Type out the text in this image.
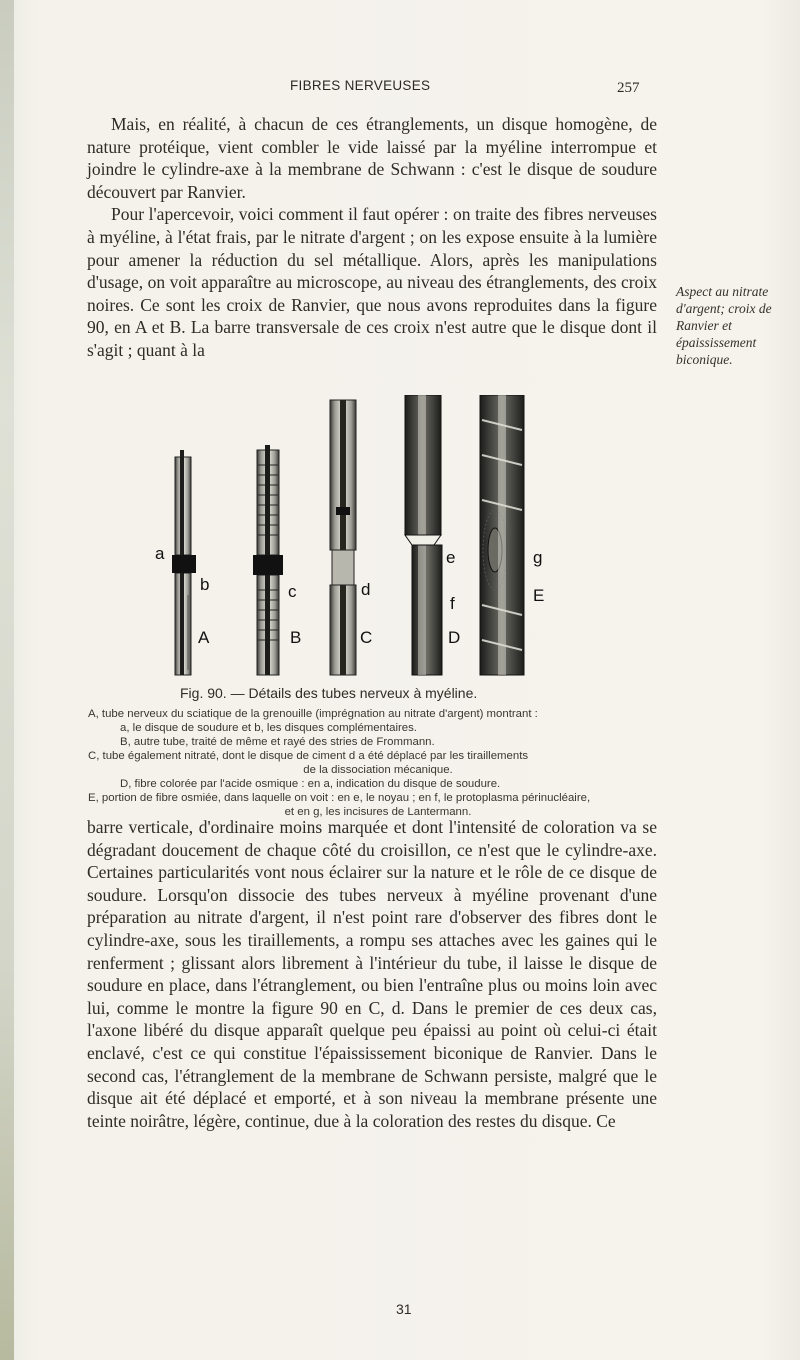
FIBRES NERVEUSES	257

Mais, en réalité, à chacun de ces étranglements, un disque homogène, de nature protéique, vient combler le vide laissé par la myéline interrompue et joindre le cylindre-axe à la membrane de Schwann : c'est le disque de soudure découvert par Ranvier.

Pour l'apercevoir, voici comment il faut opérer : on traite des fibres nerveuses à myéline, à l'état frais, par le nitrate d'argent ; on les expose ensuite à la lumière pour amener la réduction du sel métallique. Alors, après les manipulations d'usage, on voit apparaître au microscope, au niveau des étranglements, des croix noires. Ce sont les croix de Ranvier, que nous avons reproduites dans la figure 90, en A et B. La barre transversale de ces croix n'est autre que le disque dont il s'agit ; quant à la

Aspect au nitrate d'argent; croix de Ranvier et épaississement biconique.
a
b
A	B
c
C
d
D
e
f
g
E
Fig. 90. — Détails des tubes nerveux à myéline.

A, tube nerveux du sciatique de la grenouille (imprégnation au nitrate d'argent) montrant :

a, le disque de soudure et b, les disques complémentaires.

B, autre tube, traité de même et rayé des stries de Frommann.

C, tube également nitraté, dont le disque de ciment d a été déplacé par les tiraillements

de la dissociation mécanique.

D, fibre colorée par l'acide osmique : en a, indication du disque de soudure.

E, portion de fibre osmiée, dans laquelle on voit : en e, le noyau ; en f, le protoplasma périnucléaire,

et en g, les incisures de Lantermann.

barre verticale, d'ordinaire moins marquée et dont l'intensité de coloration va se dégradant doucement de chaque côté du croisillon, ce n'est que le cylindre-axe. Certaines particularités vont nous éclairer sur la nature et le rôle de ce disque de soudure. Lorsqu'on dissocie des tubes nerveux à myéline provenant d'une préparation au nitrate d'argent, il n'est point rare d'observer des fibres dont le cylindre-axe, sous les tiraillements, a rompu ses attaches avec les gaines qui le renferment ; glissant alors librement à l'intérieur du tube, il laisse le disque de soudure en place, dans l'étranglement, ou bien l'entraîne plus ou moins loin avec lui, comme le montre la figure 90 en C, d. Dans le premier de ces deux cas, l'axone libéré du disque apparaît quelque peu épaissi au point où celui-ci était enclavé, c'est ce qui constitue l'épaississement biconique de Ranvier. Dans le second cas, l'étranglement de la membrane de Schwann persiste, malgré que le disque ait été déplacé et emporté, et à son niveau la membrane présente une teinte noirâtre, légère, continue, due à la coloration des restes du disque. Ce

31
